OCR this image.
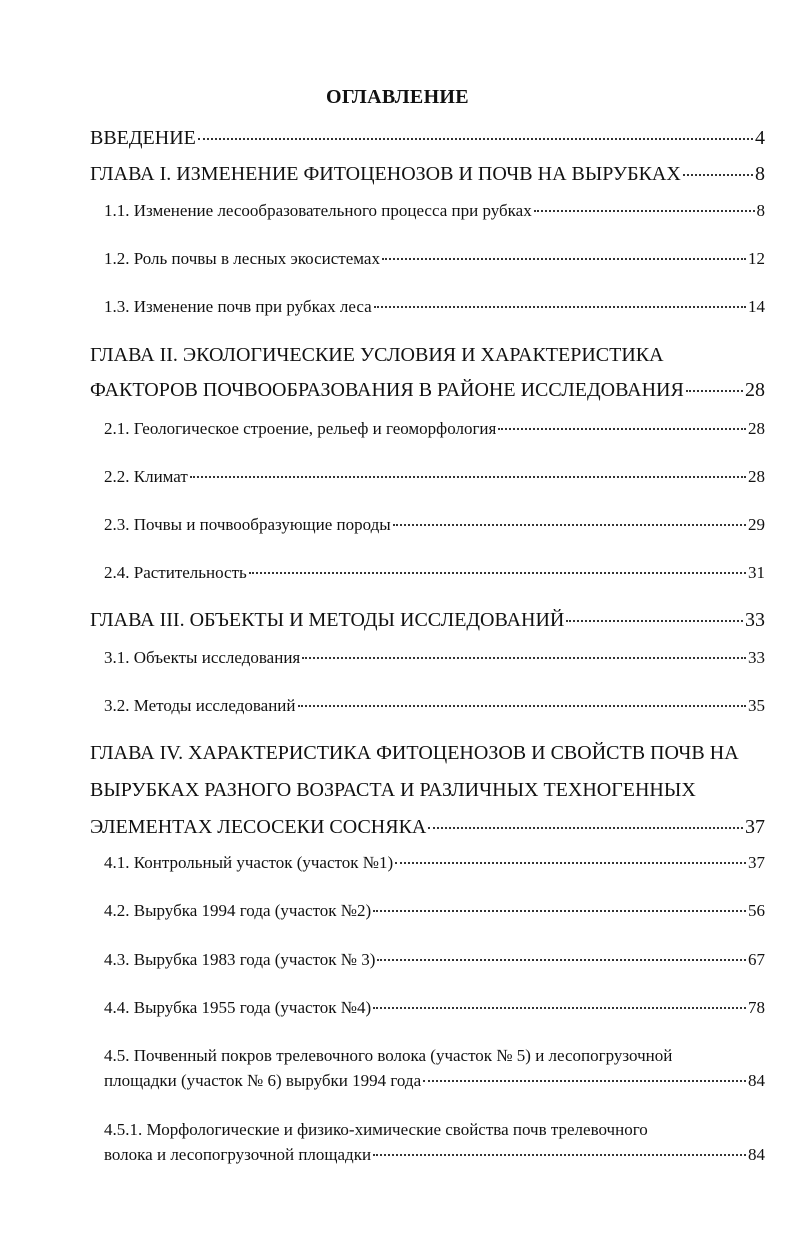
ОГЛАВЛЕНИЕ
ВВЕДЕНИЕ	4
ГЛАВА I. ИЗМЕНЕНИЕ ФИТОЦЕНОЗОВ И ПОЧВ НА ВЫРУБКАХ	8
1.1. Изменение лесообразовательного процесса при рубках	8
1.2. Роль почвы в лесных экосистемах	12
1.3. Изменение почв при рубках леса	14
ГЛАВА II. ЭКОЛОГИЧЕСКИЕ УСЛОВИЯ И ХАРАКТЕРИСТИКА
ФАКТОРОВ ПОЧВООБРАЗОВАНИЯ В РАЙОНЕ ИССЛЕДОВАНИЯ	28
2.1. Геологическое строение, рельеф и геоморфология	28
2.2. Климат	28
2.3. Почвы и почвообразующие породы	29
2.4. Растительность	31
ГЛАВА III. ОБЪЕКТЫ И МЕТОДЫ ИССЛЕДОВАНИЙ	33
3.1. Объекты исследования	33
3.2. Методы исследований	35
ГЛАВА IV. ХАРАКТЕРИСТИКА ФИТОЦЕНОЗОВ И СВОЙСТВ ПОЧВ НА
ВЫРУБКАХ РАЗНОГО ВОЗРАСТА И РАЗЛИЧНЫХ ТЕХНОГЕННЫХ
ЭЛЕМЕНТАХ ЛЕСОСЕКИ СОСНЯКА	37
4.1. Контрольный участок (участок №1)	37
4.2. Вырубка 1994 года (участок №2)	56
4.3. Вырубка 1983 года (участок № 3)	67
4.4. Вырубка 1955 года (участок №4)	78
4.5. Почвенный покров трелевочного волока (участок № 5) и лесопогрузочной
площадки (участок № 6) вырубки 1994 года	84
4.5.1. Морфологические и физико-химические свойства почв трелевочного
волока и лесопогрузочной площадки	84
